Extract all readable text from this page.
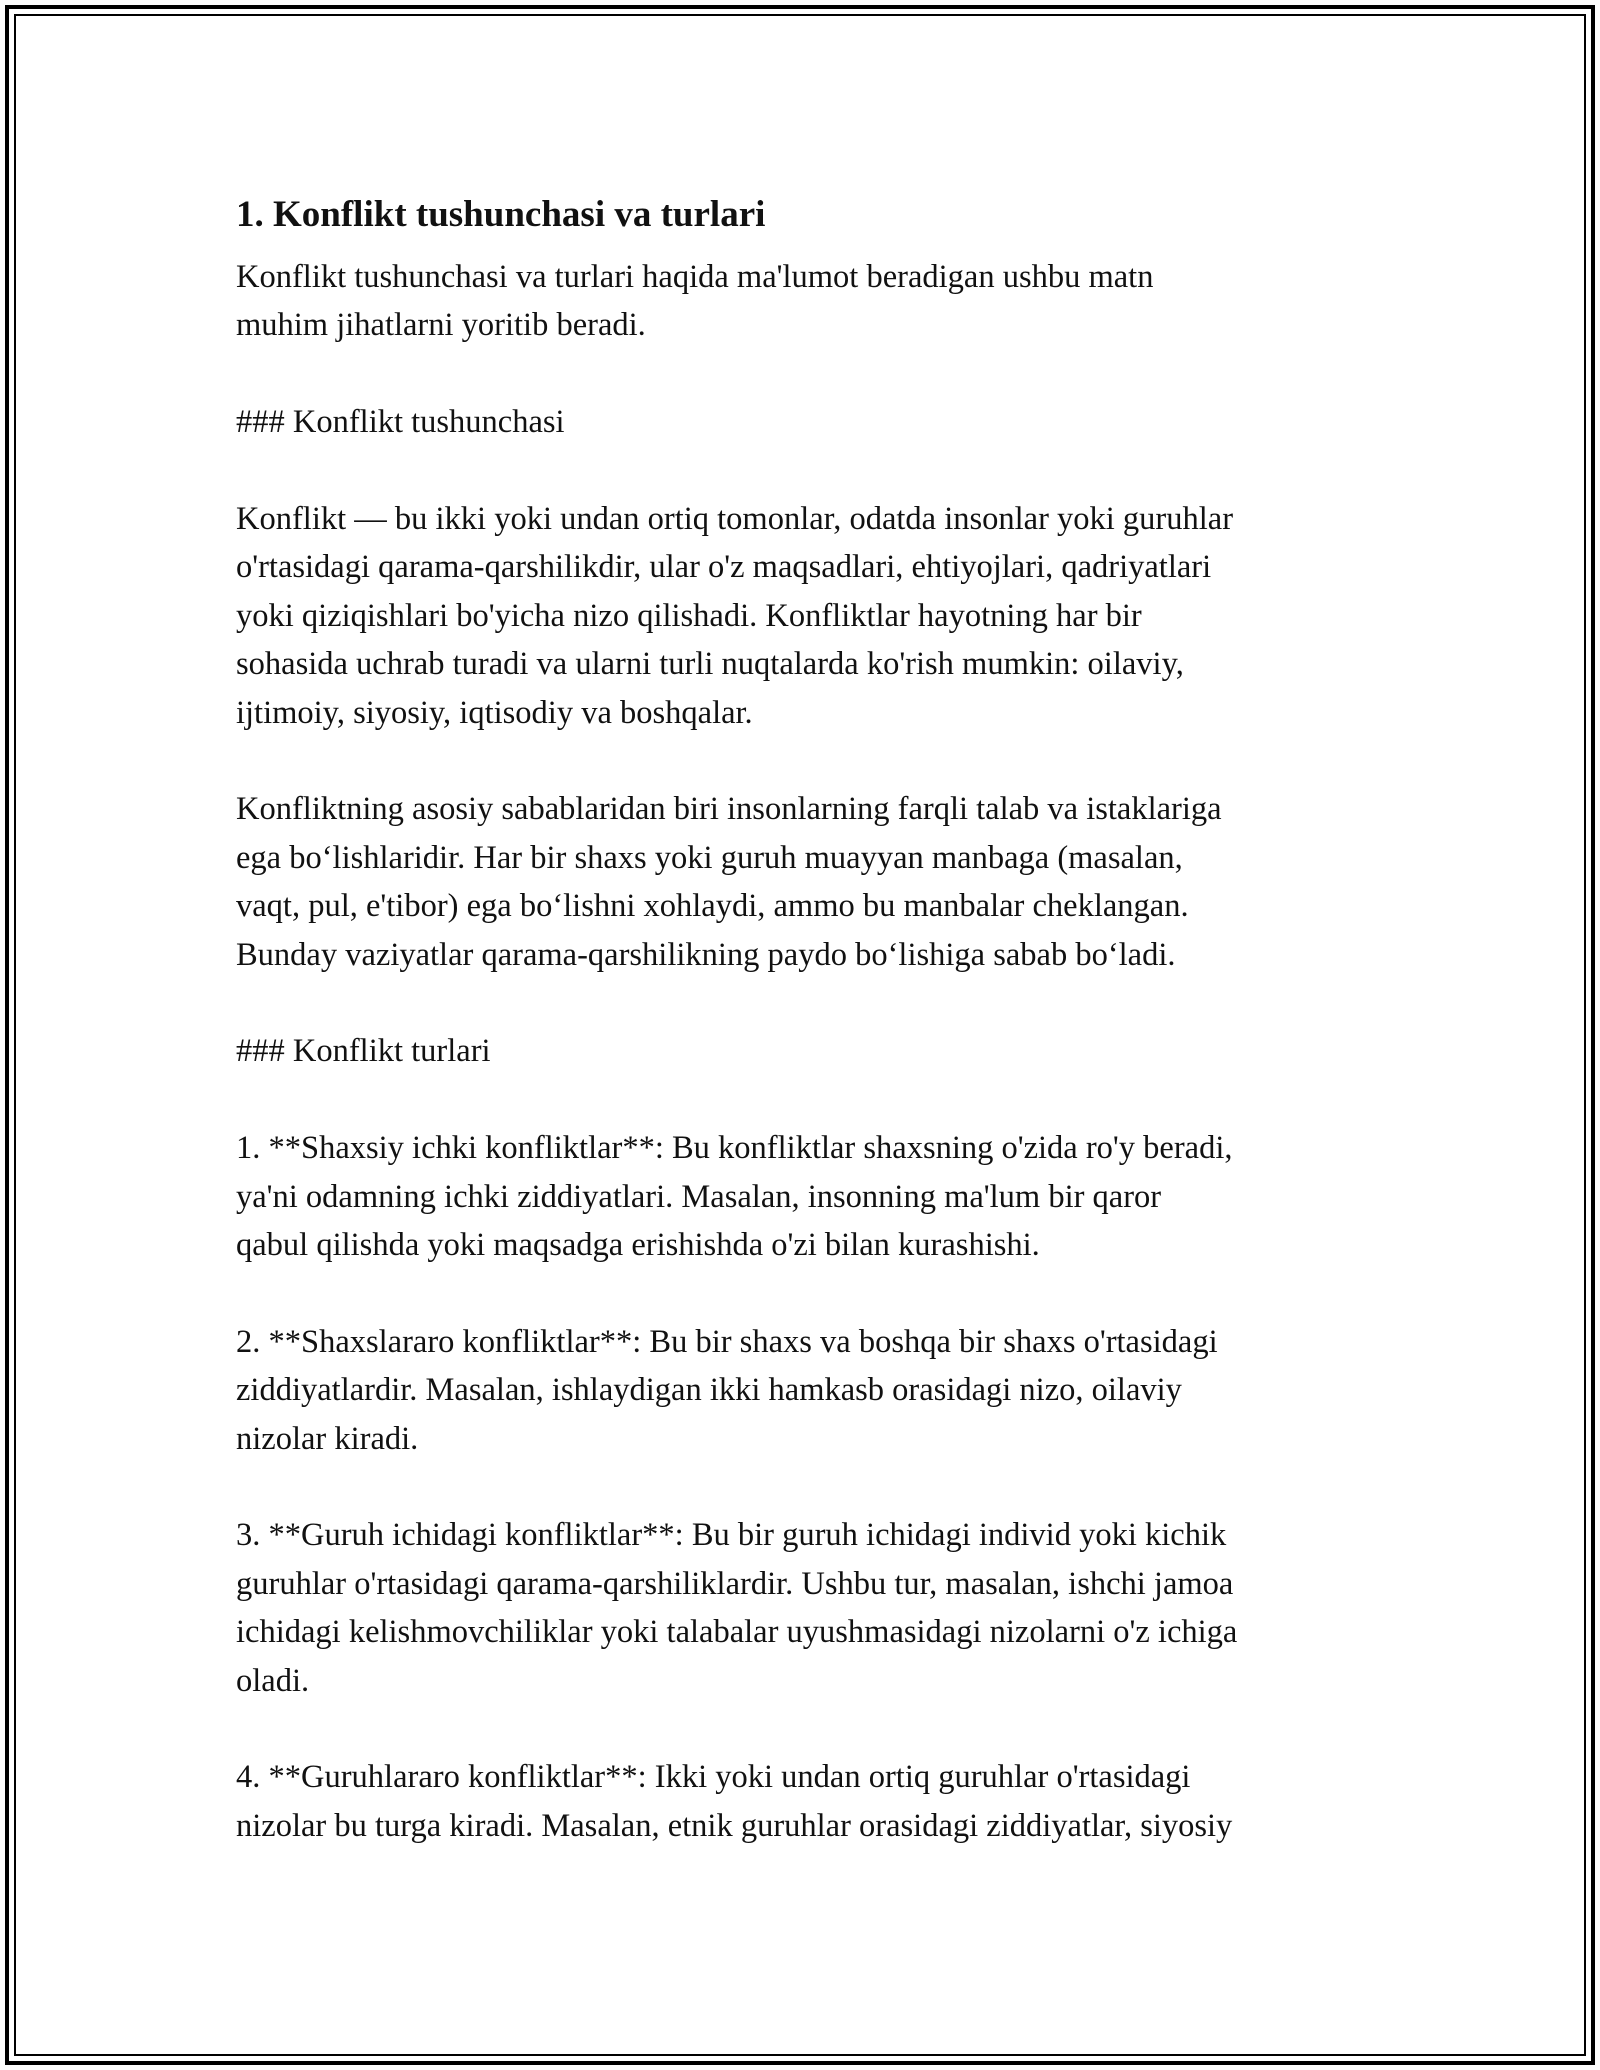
1. Konflikt tushunchasi va turlari

Konflikt tushunchasi va turlari haqida ma'lumot beradigan ushbu matn
muhim jihatlarni yoritib beradi.

### Konflikt tushunchasi

Konflikt — bu ikki yoki undan ortiq tomonlar, odatda insonlar yoki guruhlar
o'rtasidagi qarama-qarshilikdir, ular o'z maqsadlari, ehtiyojlari, qadriyatlari
yoki qiziqishlari bo'yicha nizo qilishadi. Konfliktlar hayotning har bir
sohasida uchrab turadi va ularni turli nuqtalarda ko'rish mumkin: oilaviy,
ijtimoiy, siyosiy, iqtisodiy va boshqalar.

Konfliktning asosiy sabablaridan biri insonlarning farqli talab va istaklariga
ega bo‘lishlaridir. Har bir shaxs yoki guruh muayyan manbaga (masalan,
vaqt, pul, e'tibor) ega bo‘lishni xohlaydi, ammo bu manbalar cheklangan.
Bunday vaziyatlar qarama-qarshilikning paydo bo‘lishiga sabab bo‘ladi.

### Konflikt turlari

1. **Shaxsiy ichki konfliktlar**: Bu konfliktlar shaxsning o'zida ro'y beradi,
ya'ni odamning ichki ziddiyatlari. Masalan, insonning ma'lum bir qaror
qabul qilishda yoki maqsadga erishishda o'zi bilan kurashishi.

2. **Shaxslararo konfliktlar**: Bu bir shaxs va boshqa bir shaxs o'rtasidagi
ziddiyatlardir. Masalan, ishlaydigan ikki hamkasb orasidagi nizo, oilaviy
nizolar kiradi.

3. **Guruh ichidagi konfliktlar**: Bu bir guruh ichidagi individ yoki kichik
guruhlar o'rtasidagi qarama-qarshiliklardir. Ushbu tur, masalan, ishchi jamoa
ichidagi kelishmovchiliklar yoki talabalar uyushmasidagi nizolarni o'z ichiga
oladi.

4. **Guruhlararo konfliktlar**: Ikki yoki undan ortiq guruhlar o'rtasidagi
nizolar bu turga kiradi. Masalan, etnik guruhlar orasidagi ziddiyatlar, siyosiy
